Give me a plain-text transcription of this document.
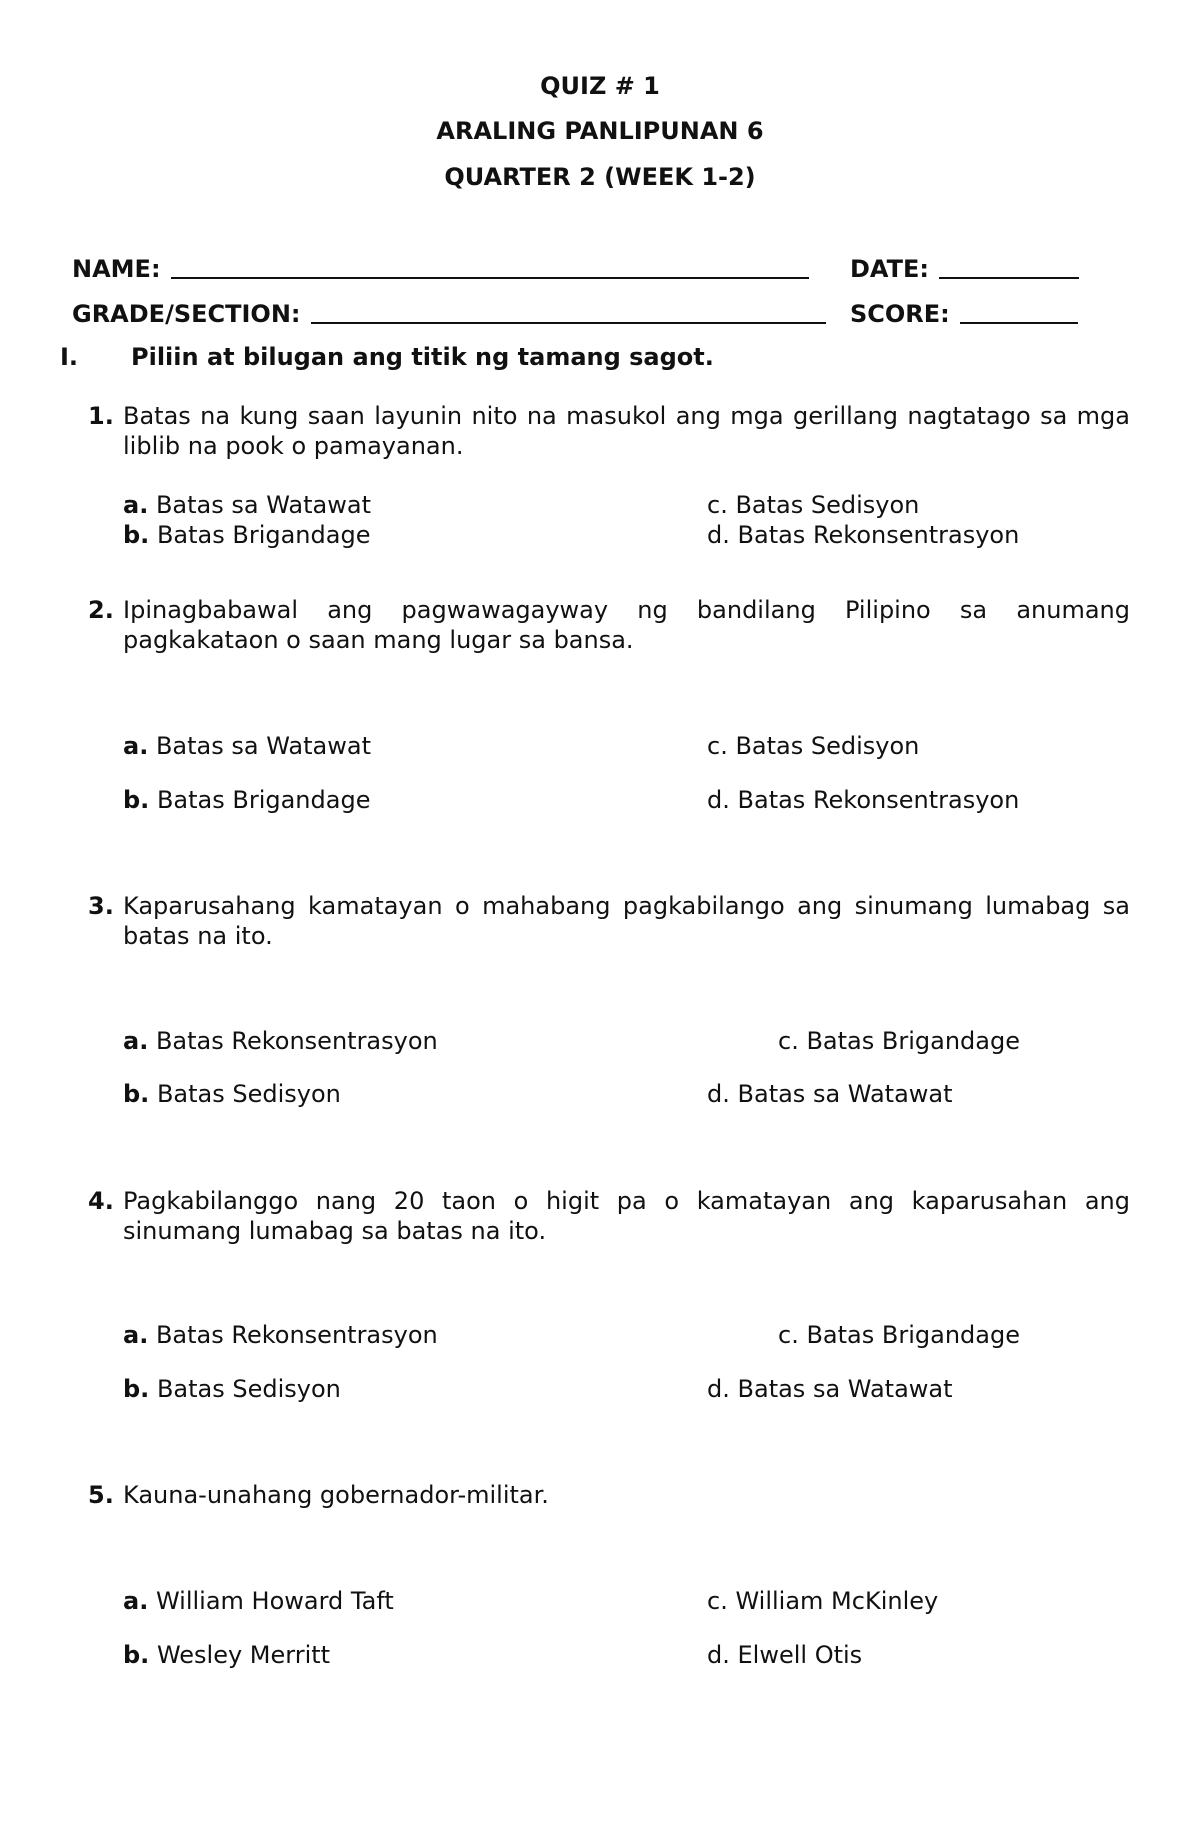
QUIZ # 1
ARALING PANLIPUNAN 6
QUARTER 2 (WEEK 1-2)
NAME:	DATE:
GRADE/SECTION:	SCORE:
I. Piliin at bilugan ang titik ng tamang sagot.
1. Batas na kung saan layunin nito na masukol ang mga gerillang nagtatago sa mga liblib na pook o pamayanan.
a. Batas sa Watawat
b. Batas Brigandage
c. Batas Sedisyon
d. Batas Rekonsentrasyon
2. Ipinagbabawal ang pagwawagayway ng bandilang Pilipino sa anumang pagkakataon o saan mang lugar sa bansa.
a. Batas sa Watawat
b. Batas Brigandage
c. Batas Sedisyon
d. Batas Rekonsentrasyon
3. Kaparusahang kamatayan o mahabang pagkabilango ang sinumang lumabag sa batas na ito.
a. Batas Rekonsentrasyon
b. Batas Sedisyon
c. Batas Brigandage
d. Batas sa Watawat
4. Pagkabilanggo nang 20 taon o higit pa o kamatayan ang kaparusahan ang sinumang lumabag sa batas na ito.
a. Batas Rekonsentrasyon
b. Batas Sedisyon
c. Batas Brigandage
d. Batas sa Watawat
5. Kauna-unahang gobernador-militar.
a. William Howard Taft
b. Wesley Merritt
c. William McKinley
d. Elwell Otis
